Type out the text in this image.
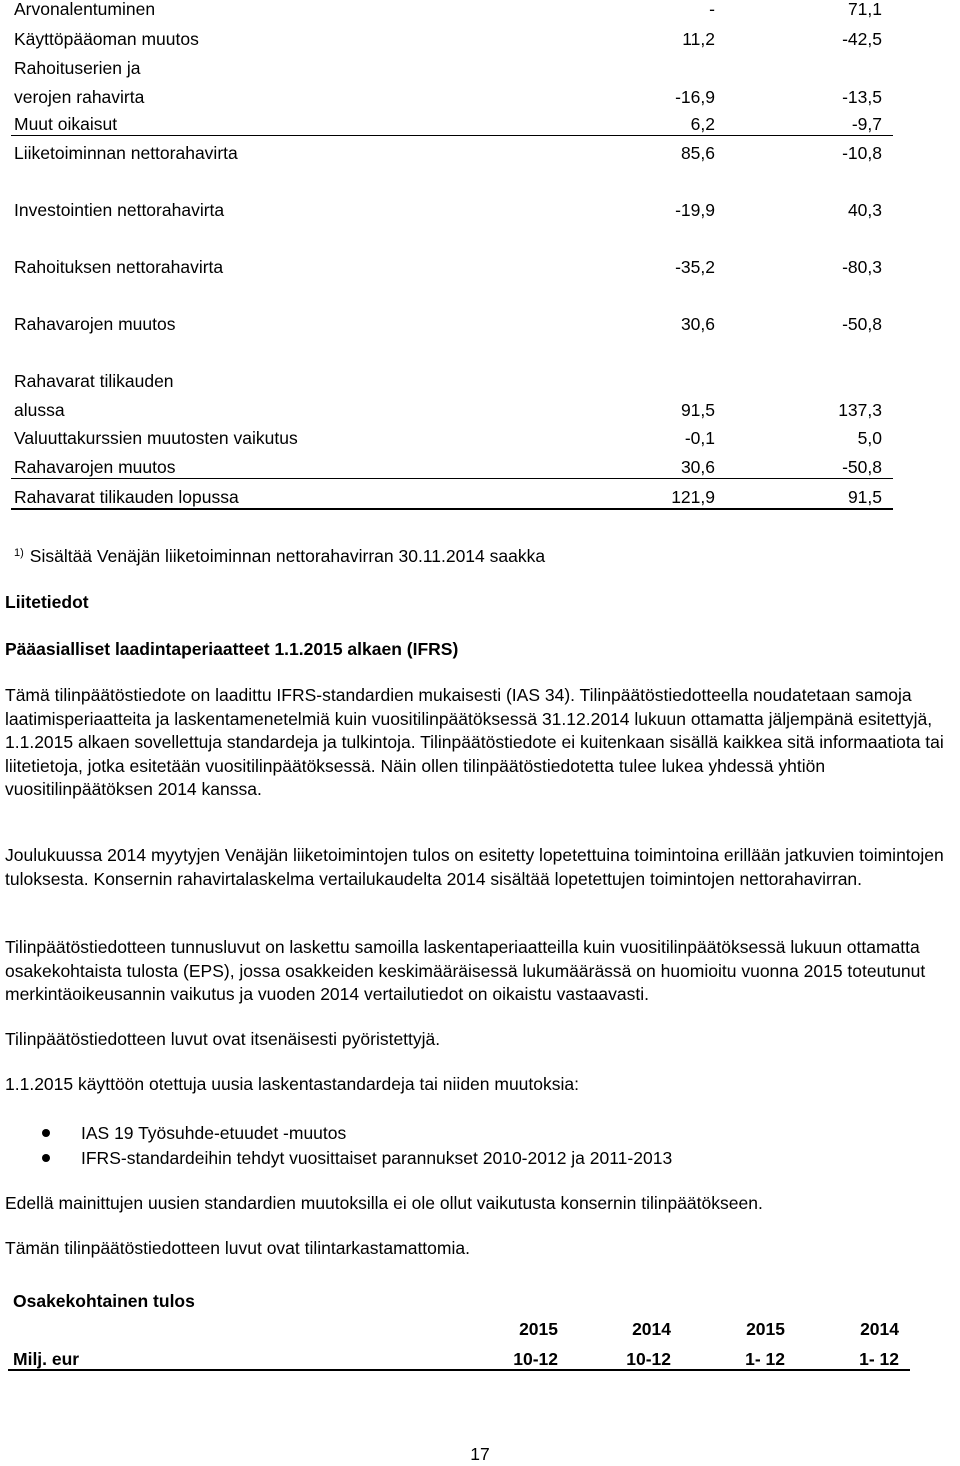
Arvonalentuminen	-	71,1
Käyttöpääoman muutos	11,2	-42,5
Rahoituserien ja
verojen rahavirta	-16,9	-13,5
Muut oikaisut	6,2	-9,7
Liiketoiminnan nettorahavirta	85,6	-10,8
Investointien nettorahavirta	-19,9	40,3
Rahoituksen nettorahavirta	-35,2	-80,3
Rahavarojen muutos	30,6	-50,8
Rahavarat tilikauden
alussa	91,5	137,3
Valuuttakurssien muutosten vaikutus	-0,1	5,0
Rahavarojen muutos	30,6	-50,8
Rahavarat tilikauden lopussa	121,9	91,5
$^{1)}$ Sisältää Venäjän liiketoiminnan nettorahavirran 30.11.2014 saakka
Liitetiedot
Pääasialliset laadintaperiaatteet 1.1.2015 alkaen (IFRS)
Tämä tilinpäätöstiedote on laadittu IFRS-standardien mukaisesti (IAS 34). Tilinpäätöstiedotteella noudatetaan samoja laatimisperiaatteita ja laskentamenetelmiä kuin vuositilinpäätöksessä 31.12.2014 lukuun ottamatta jäljempänä esitettyjä, 1.1.2015 alkaen sovellettuja standardeja ja tulkintoja. Tilinpäätöstiedote ei kuitenkaan sisällä kaikkea sitä informaatiota tai liitetietoja, jotka esitetään vuositilinpäätöksessä. Näin ollen tilinpäätöstiedotetta tulee lukea yhdessä yhtiön vuositilinpäätöksen 2014 kanssa.
Joulukuussa 2014 myytyjen Venäjän liiketoimintojen tulos on esitetty lopetettuina toimintoina erillään jatkuvien toimintojen tuloksesta. Konsernin rahavirtalaskelma vertailukaudelta 2014 sisältää lopetettujen toimintojen nettorahavirran.
Tilinpäätöstiedotteen tunnusluvut on laskettu samoilla laskentaperiaatteilla kuin vuositilinpäätöksessä lukuun ottamatta osakekohtaista tulosta (EPS), jossa osakkeiden keskimääräisessä lukumäärässä on huomioitu vuonna 2015 toteutunut merkintäoikeusannin vaikutus ja vuoden 2014 vertailutiedot on oikaistu vastaavasti.
Tilinpäätöstiedotteen luvut ovat itsenäisesti pyöristettyjä.
1.1.2015 käyttöön otettuja uusia laskentastandardeja tai niiden muutoksia:
IAS 19 Työsuhde-etuudet -muutos
IFRS-standardeihin tehdyt vuosittaiset parannukset 2010-2012 ja 2011-2013
Edellä mainittujen uusien standardien muutoksilla ei ole ollut vaikutusta konsernin tilinpäätökseen.
Tämän tilinpäätöstiedotteen luvut ovat tilintarkastamattomia.
Osakekohtainen tulos
2015	2014	2015	2014
Milj. eur	10-12	10-12	1- 12	1- 12
17
